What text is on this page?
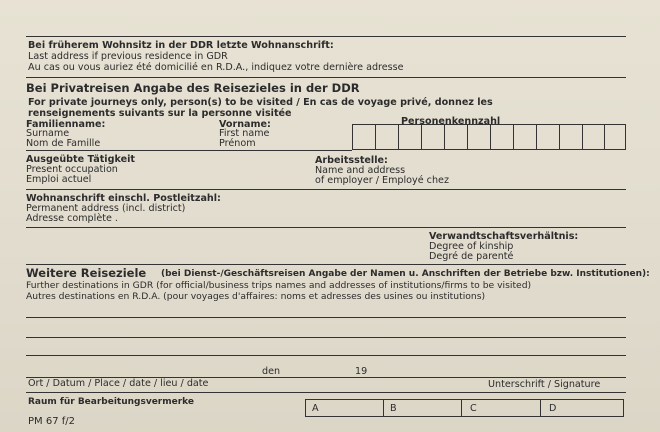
Bei früherem Wohnsitz in der DDR letzte Wohnanschrift:
Last address if previous residence in GDR
Au cas ou vous auriez été domicilié en R.D.A., indiquez votre dernière adresse
Bei Privatreisen Angabe des Reisezieles in der DDR
For private journeys only, person(s) to be visited / En cas de voyage privé, donnez les
renseignements suivants sur la personne visitée
Familienname:
Surname
Nom de Famille
Vorname:
First name
Prénom
Personenkennzahl
Ausgeübte Tätigkeit
Present occupation
Emploi actuel
Arbeitsstelle:
Name and address
of employer / Employé chez
Wohnanschrift einschl. Postleitzahl:
Permanent address (incl. district)
Adresse complète .
Verwandtschaftsverhältnis:
Degree of kinship
Degré de parenté
Weitere Reiseziele (bei Dienst-/Geschäftsreisen Angabe der Namen u. Anschriften der Betriebe bzw. Institutionen):
Further destinations in GDR (for official/business trips names and addresses of institutions/firms to be visited)
Autres destinations en R.D.A. (pour voyages d'affaires: noms et adresses des usines ou institutions)
den	19
Ort / Datum / Place / date / lieu / date	Unterschrift / Signature
Raum für Bearbeitungsvermerke
PM 67 f/2
A	B	C	D
